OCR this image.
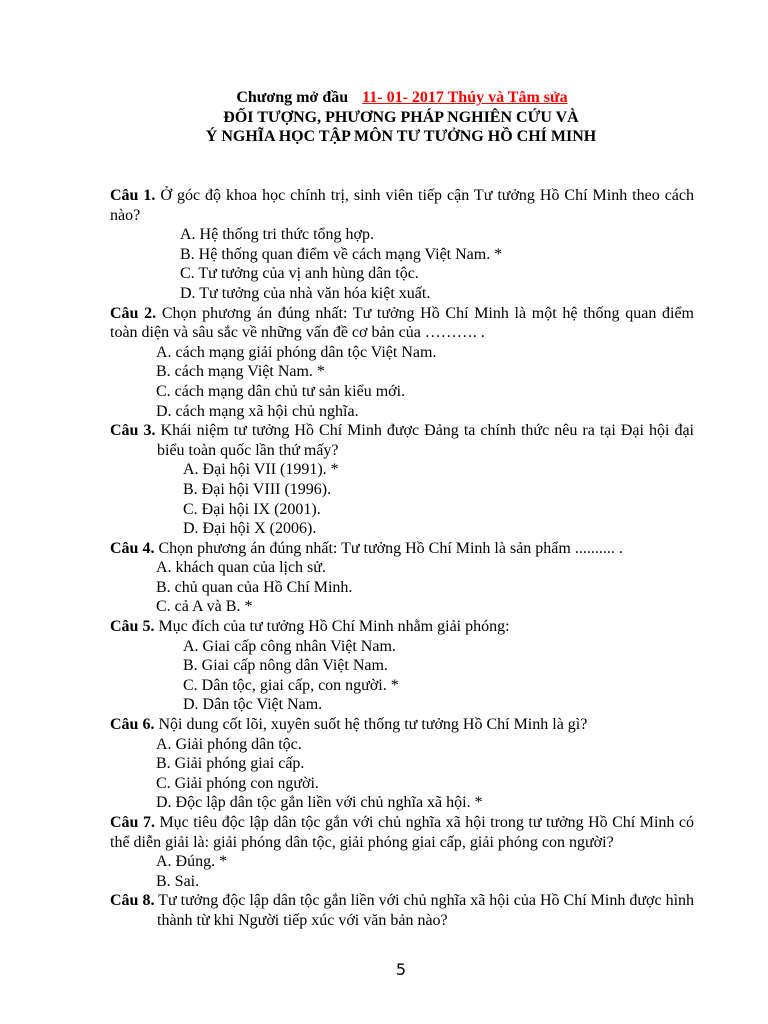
Chương mở đầu 11- 01- 2017 Thúy và Tâm sửa
ĐỐI TƯỢNG, PHƯƠNG PHÁP NGHIÊN CỨU VÀ
Ý NGHĨA HỌC TẬP MÔN TƯ TƯỞNG HỒ CHÍ MINH

Câu 1. Ở góc độ khoa học chính trị, sinh viên tiếp cận Tư tưởng Hồ Chí Minh theo cách nào?

A. Hệ thống tri thức tổng hợp.

B. Hệ thống quan điểm về cách mạng Việt Nam. *

C. Tư tưởng của vị anh hùng dân tộc.

D. Tư tưởng của nhà văn hóa kiệt xuất.

Câu 2. Chọn phương án đúng nhất: Tư tưởng Hồ Chí Minh là một hệ thống quan điểm toàn diện và sâu sắc về những vấn đề cơ bản của ………. .

A. cách mạng giải phóng dân tộc Việt Nam.

B. cách mạng Việt Nam. *

C. cách mạng dân chủ tư sản kiểu mới.

D. cách mạng xã hội chủ nghĩa.

Câu 3. Khái niệm tư tưởng Hồ Chí Minh được Đảng ta chính thức nêu ra tại Đại hội đại biểu toàn quốc lần thứ mấy?

A. Đại hội VII (1991). *

B. Đại hội VIII (1996).

C. Đại hội IX (2001).

D. Đại hội X (2006).

Câu 4. Chọn phương án đúng nhất: Tư tưởng Hồ Chí Minh là sản phẩm .......... .

A. khách quan của lịch sử.

B. chủ quan của Hồ Chí Minh.

C. cả A và B. *

Câu 5. Mục đích của tư tưởng Hồ Chí Minh nhằm giải phóng:

A. Giai cấp công nhân Việt Nam.

B. Giai cấp nông dân Việt Nam.

C. Dân tộc, giai cấp, con người. *

D. Dân tộc Việt Nam.

Câu 6. Nội dung cốt lõi, xuyên suốt hệ thống tư tưởng Hồ Chí Minh là gì?

A. Giải phóng dân tộc.

B. Giải phóng giai cấp.

C. Giải phóng con người.

D. Độc lập dân tộc gắn liền với chủ nghĩa xã hội. *

Câu 7. Mục tiêu độc lập dân tộc gắn với chủ nghĩa xã hội trong tư tưởng Hồ Chí Minh có thể diễn giải là: giải phóng dân tộc, giải phóng giai cấp, giải phóng con người?

A. Đúng. *

B. Sai.

Câu 8. Tư tưởng độc lập dân tộc gắn liền với chủ nghĩa xã hội của Hồ Chí Minh được hình thành từ khi Người tiếp xúc với văn bản nào?

5
